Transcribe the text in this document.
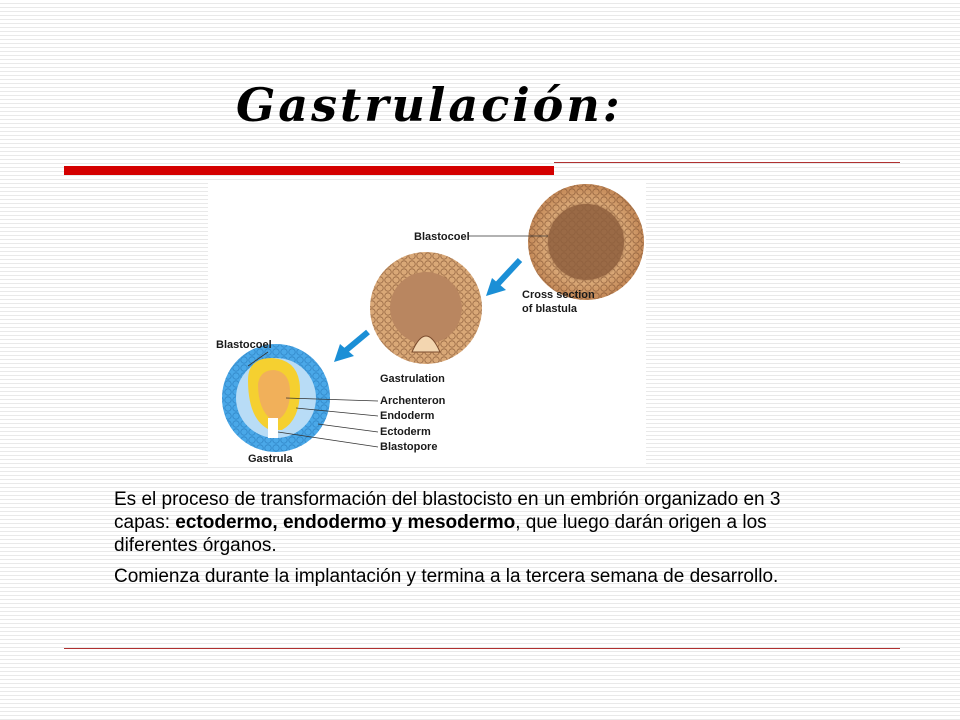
Gastrulación:
Blastocoel
Cross section
of blastula
Gastrulation
Blastocoel
Archenteron
Endoderm
Ectoderm
Blastopore
Gastrula

Es el proceso de transformación del blastocisto en un embrión organizado en 3 capas: ectodermo, endodermo y mesodermo, que luego darán origen a los diferentes órganos.

Comienza durante la implantación y termina a la tercera semana de desarrollo.
